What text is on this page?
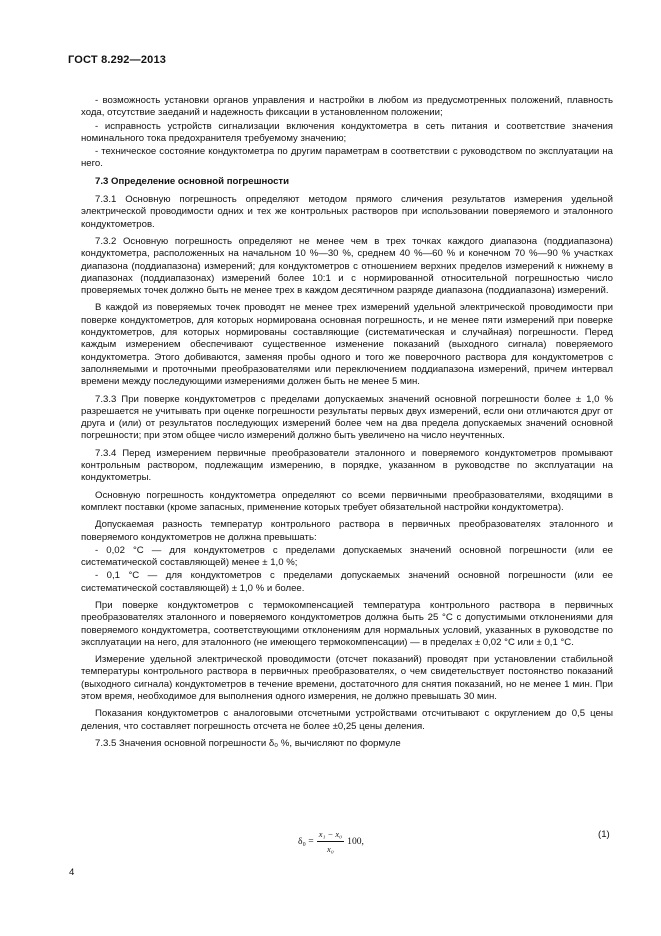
ГОСТ 8.292—2013

- возможность установки органов управления и настройки в любом из предусмотренных положений, плавность хода, отсутствие заеданий и надежность фиксации в установленном положении;

- исправность устройств сигнализации включения кондуктометра в сеть питания и соответствие значения номинального тока предохранителя требуемому значению;

- техническое состояние кондуктометра по другим параметрам в соответствии с руководством по эксплуатации на него.

7.3 Определение основной погрешности

7.3.1 Основную погрешность определяют методом прямого сличения результатов измерения удельной электрической проводимости одних и тех же контрольных растворов при использовании поверяемого и эталонного кондуктометров.

7.3.2 Основную погрешность определяют не менее чем в трех точках каждого диапазона (поддиапазона) кондуктометра, расположенных на начальном 10 %—30 %, среднем 40 %—60 % и конечном 70 %—90 % участках диапазона (поддиапазона) измерений; для кондуктометров с отношением верхних пределов измерений к нижнему в диапазонах (поддиапазонах) измерений более 10:1 и с нормированной относительной погрешностью число проверяемых точек должно быть не менее трех в каждом десятичном разряде диапазона (поддиапазона) измерений.

В каждой из поверяемых точек проводят не менее трех измерений удельной электрической проводимости при поверке кондуктометров, для которых нормирована основная погрешность, и не менее пяти измерений при поверке кондуктометров, для которых нормированы составляющие (систематическая и случайная) погрешности. Перед каждым измерением обеспечивают существенное изменение показаний (выходного сигнала) поверяемого кондуктометра. Этого добиваются, заменяя пробы одного и того же поверочного раствора для кондуктометров с заполняемыми и проточными преобразователями или переключением поддиапазона измерений, причем интервал времени между последующими измерениями должен быть не менее 5 мин.

7.3.3 При поверке кондуктометров с пределами допускаемых значений основной погрешности более ± 1,0 % разрешается не учитывать при оценке погрешности результаты первых двух измерений, если они отличаются друг от друга и (или) от результатов последующих измерений более чем на два предела допускаемых значений основной погрешности; при этом общее число измерений должно быть увеличено на число неучтенных.

7.3.4 Перед измерением первичные преобразователи эталонного и поверяемого кондуктометров промывают контрольным раствором, подлежащим измерению, в порядке, указанном в руководстве по эксплуатации на кондуктометры.

Основную погрешность кондуктометра определяют со всеми первичными преобразователями, входящими в комплект поставки (кроме запасных, применение которых требует обязательной настройки кондуктометра).

Допускаемая разность температур контрольного раствора в первичных преобразователях эталонного и поверяемого кондуктометров не должна превышать:

- 0,02 °С — для кондуктометров с пределами допускаемых значений основной погрешности (или ее систематической составляющей) менее ± 1,0 %;

- 0,1 °С — для кондуктометров с пределами допускаемых значений основной погрешности (или ее систематической составляющей) ± 1,0 % и более.

При поверке кондуктометров с термокомпенсацией температура контрольного раствора в первичных преобразователях эталонного и поверяемого кондуктометров должна быть 25 °С с допустимыми отклонениями для поверяемого кондуктометра, соответствующими отклонениям для нормальных условий, указанных в руководстве по эксплуатации на него, для эталонного (не имеющего термокомпенсации) — в пределах ± 0,02 °С или ± 0,1 °С.

Измерение удельной электрической проводимости (отсчет показаний) проводят при установлении стабильной температуры контрольного раствора в первичных преобразователях, о чем свидетельствует постоянство показаний (выходного сигнала) кондуктометров в течение времени, достаточного для снятия показаний, но не менее 1 мин. При этом время, необходимое для выполнения одного измерения, не должно превышать 30 мин.

Показания кондуктометров с аналоговыми отсчетными устройствами отсчитывают с округлением до 0,5 цены деления, что составляет погрешность отсчета не более ±0,25 цены деления.

7.3.5 Значения основной погрешности δ₀ %, вычисляют по формуле

$\delta_0 = \frac{\text{x₁ − x₀}}{\text{x₀}} 100$,
(1)
4
